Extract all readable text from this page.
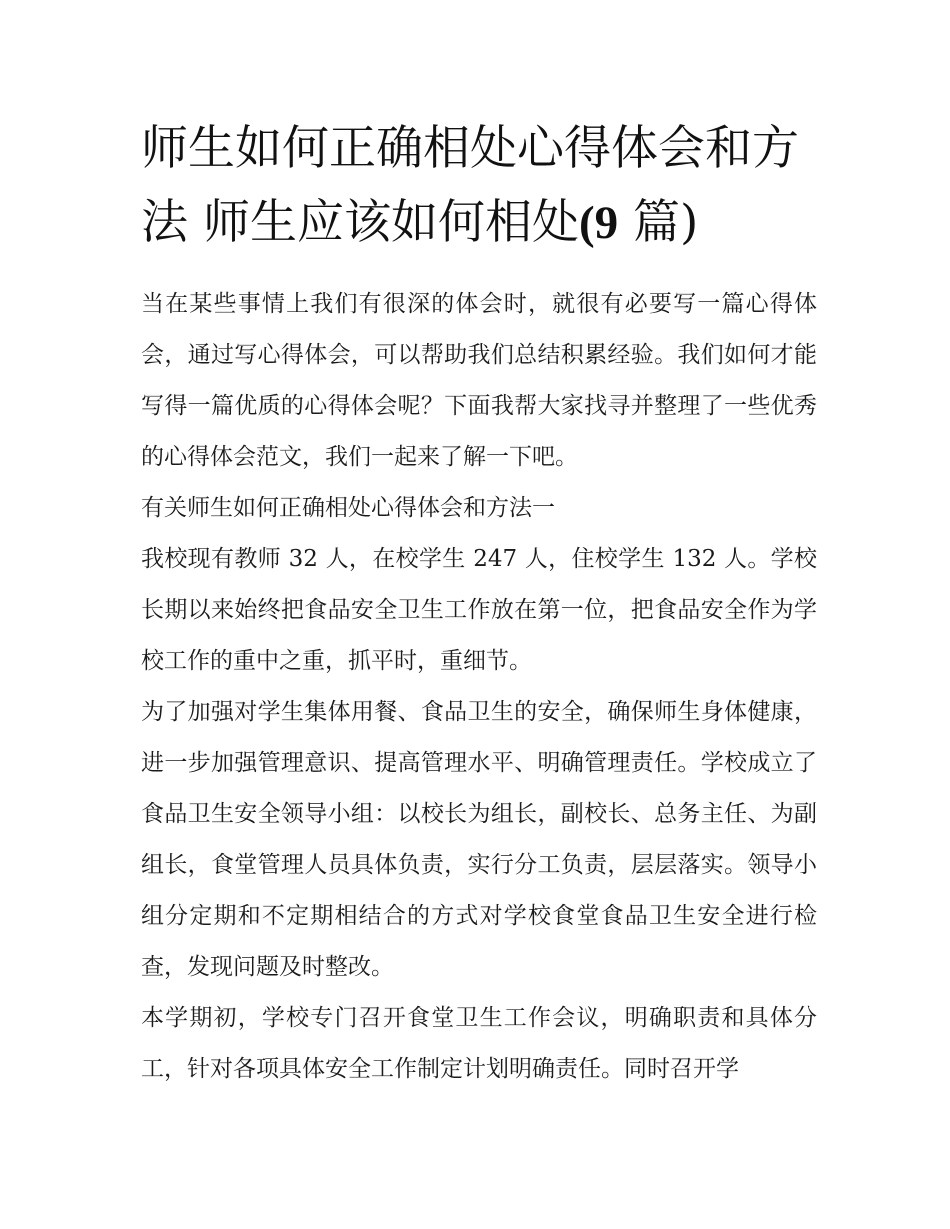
师生如何正确相处心得体会和方法 师生应该如何相处(9 篇)

当在某些事情上我们有很深的体会时，就很有必要写一篇心得体会，通过写心得体会，可以帮助我们总结积累经验。我们如何才能写得一篇优质的心得体会呢？下面我帮大家找寻并整理了一些优秀的心得体会范文，我们一起来了解一下吧。

有关师生如何正确相处心得体会和方法一

我校现有教师 32 人，在校学生 247 人，住校学生 132 人。学校长期以来始终把食品安全卫生工作放在第一位，把食品安全作为学校工作的重中之重，抓平时，重细节。

为了加强对学生集体用餐、食品卫生的安全，确保师生身体健康，进一步加强管理意识、提高管理水平、明确管理责任。学校成立了食品卫生安全领导小组：以校长为组长，副校长、总务主任、为副组长，食堂管理人员具体负责，实行分工负责，层层落实。领导小组分定期和不定期相结合的方式对学校食堂食品卫生安全进行检查，发现问题及时整改。

本学期初，学校专门召开食堂卫生工作会议，明确职责和具体分工，针对各项具体安全工作制定计划明确责任。同时召开学
